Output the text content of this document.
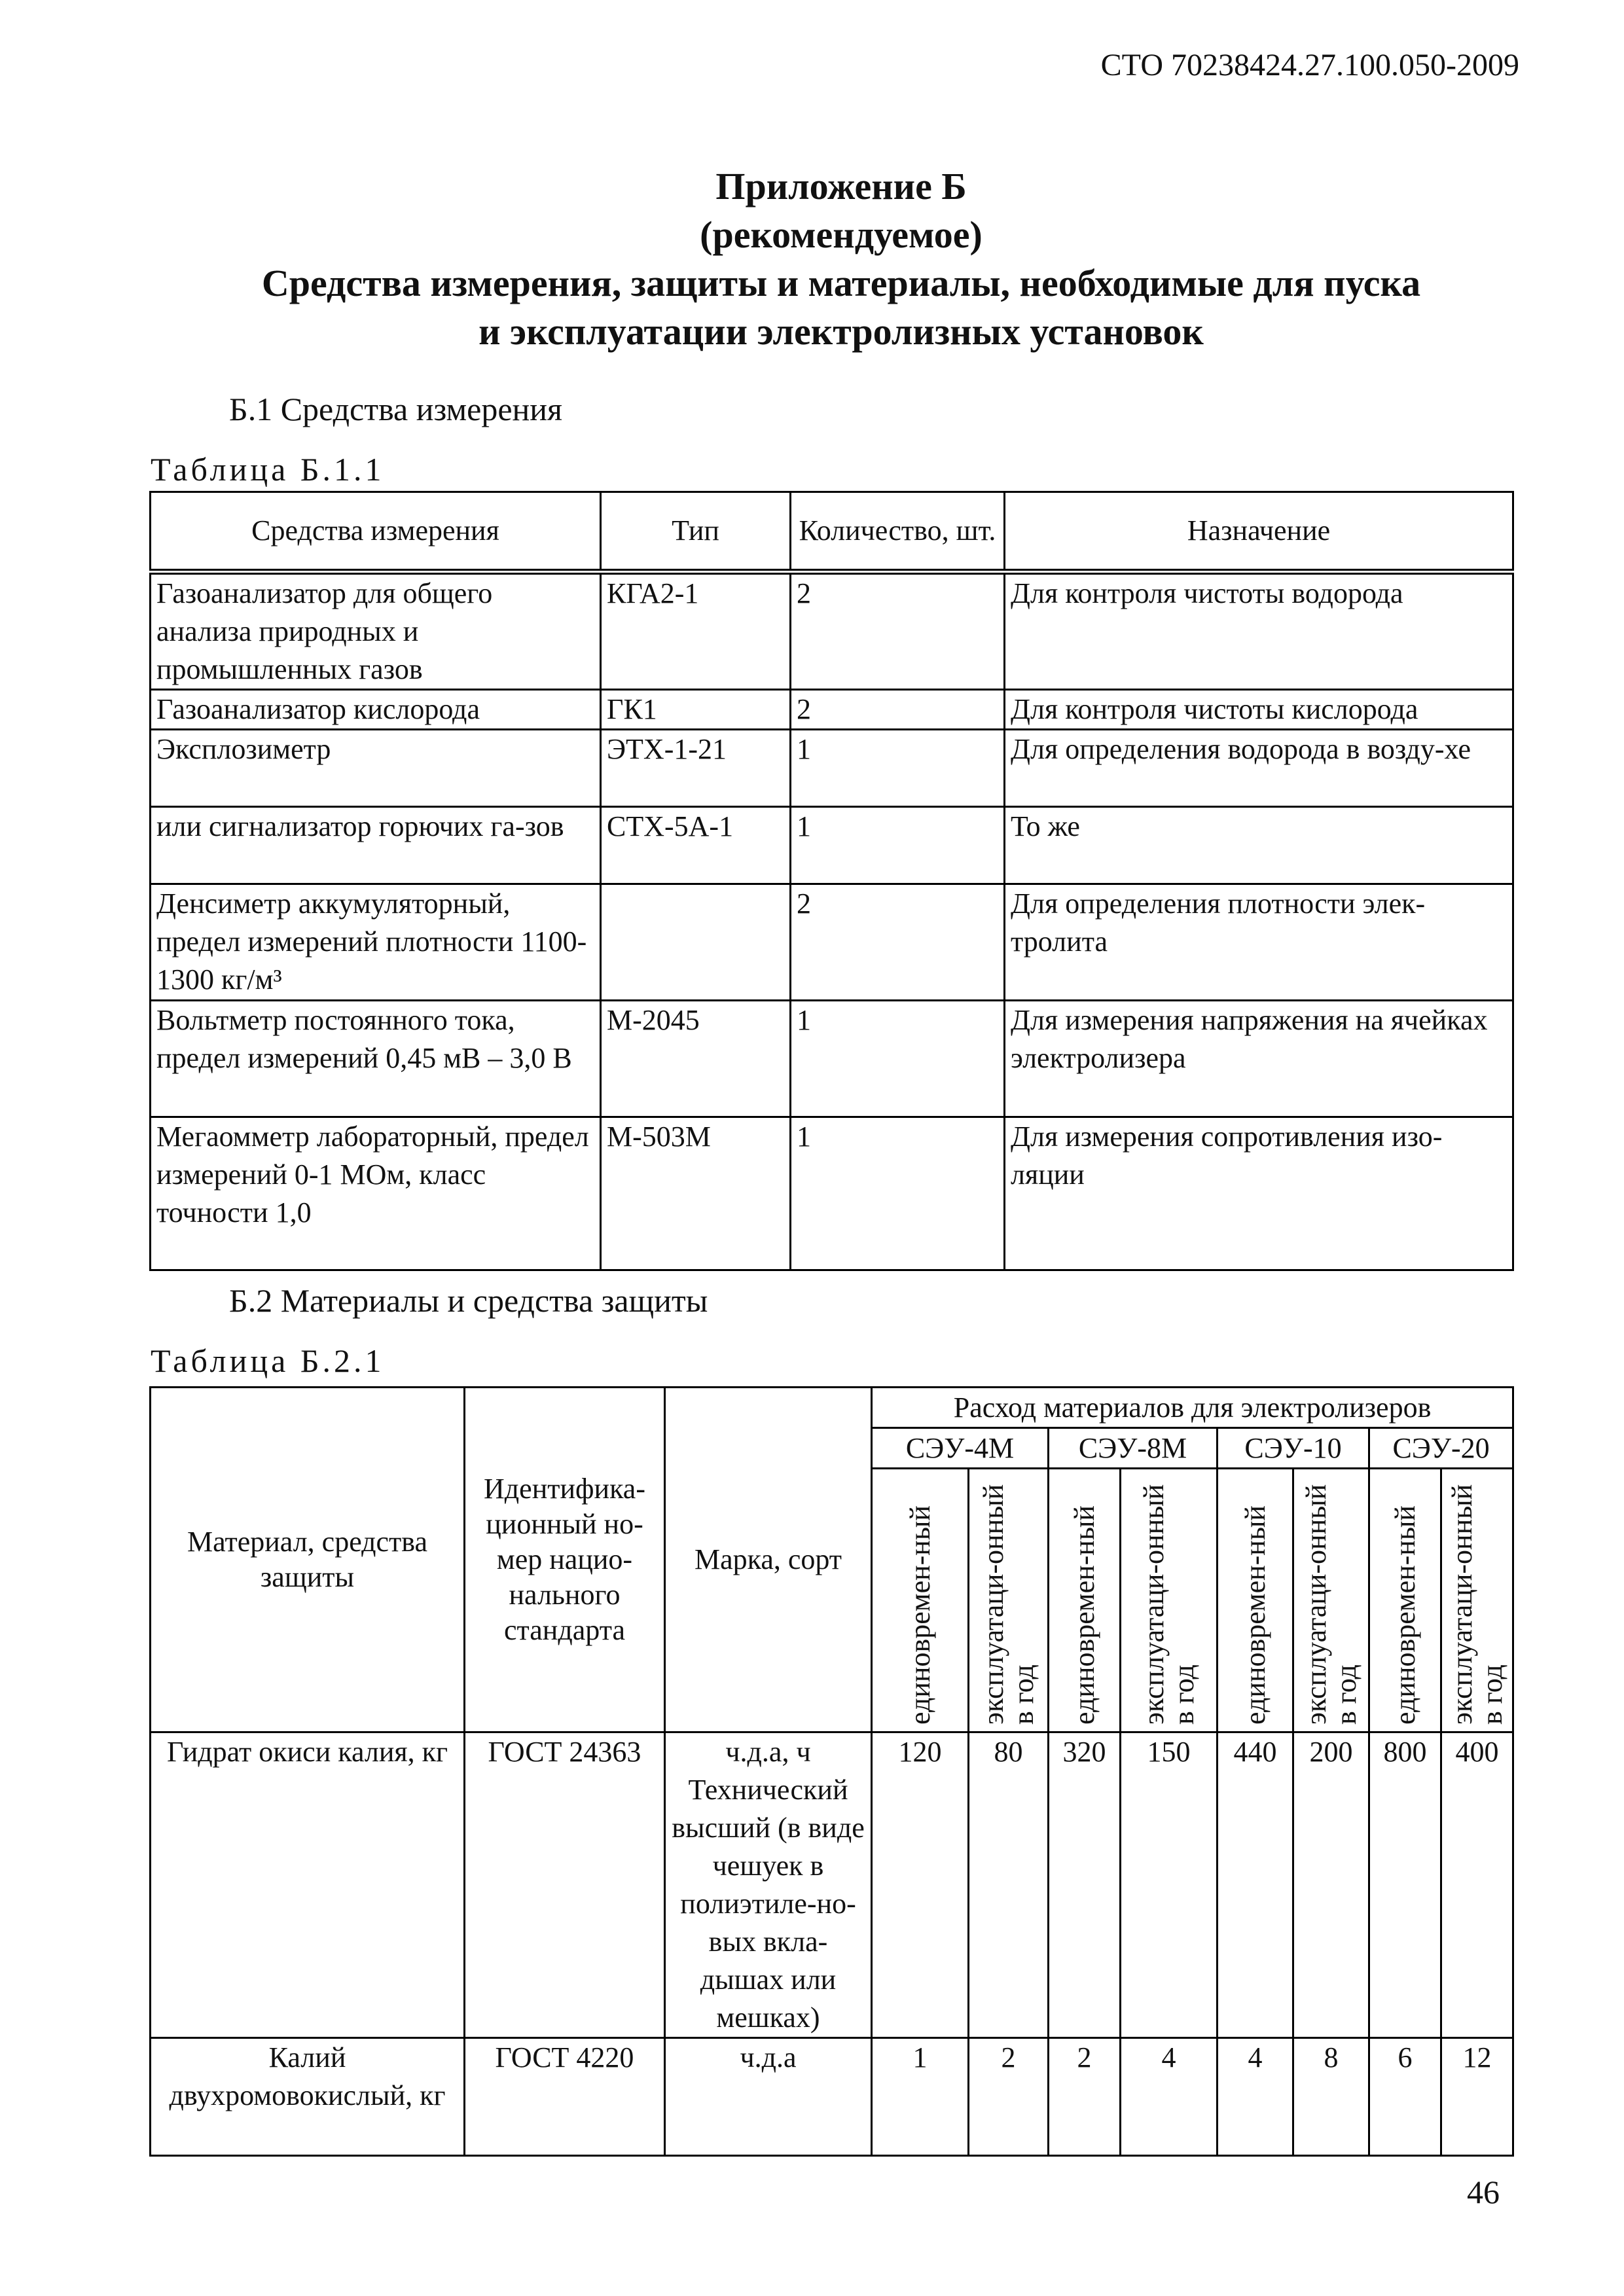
СТО 70238424.27.100.050-2009
Приложение Б
(рекомендуемое)
Средства измерения, защиты и материалы, необходимые для пуска
и эксплуатации электролизных установок
Б.1 Средства измерения
Таблица Б.1.1
Средства измерения	Тип	Количество, шт.	Назначение
Газоанализатор для общего анализа природных и промышленных газов	КГА2-1	2	Для контроля чистоты водорода
Газоанализатор кислорода	ГК1	2	Для контроля чистоты кислорода
Эксплозиметр	ЭТХ-1-21	1	Для определения водорода в возду-хе
или сигнализатор горючих га-зов	СТХ-5А-1	1	То же
Денсиметр аккумуляторный, предел измерений плотности 1100-1300 кг/м³		2	Для определения плотности элек-тролита
Вольтметр постоянного тока, предел измерений 0,45 мВ – 3,0 В	М-2045	1	Для измерения напряжения на ячейках электролизера
Мегаомметр лабораторный, предел измерений 0-1 МОм, класс точности 1,0	М-503М	1	Для измерения сопротивления изо-ляции
Б.2 Материалы и средства защиты
Таблица Б.2.1
Материал, средства защиты	Идентифика-ционный но-мер нацио-нального стандарта	Марка, сорт	Расход материалов для электролизеров							
			СЭУ-4М		СЭУ-8М		СЭУ-10		СЭУ-20	

			единовремен-ный	эксплуатаци-онный в год	единовремен-ный	эксплуатаци-онный в год	единовремен-ный	эксплуатаци-онный в год	единовремен-ный	эксплуатаци-онный в год

Гидрат окиси калия, кг	ГОСТ 24363	ч.д.а, ч Технический высший (в виде чешуек в полиэтиле-но-вых вкла-дышах или мешках)	120	80	320	150	440	200	800	400
Калий двухромовокислый, кг	ГОСТ 4220	ч.д.а	1	2	2	4	4	8	6	12
46
